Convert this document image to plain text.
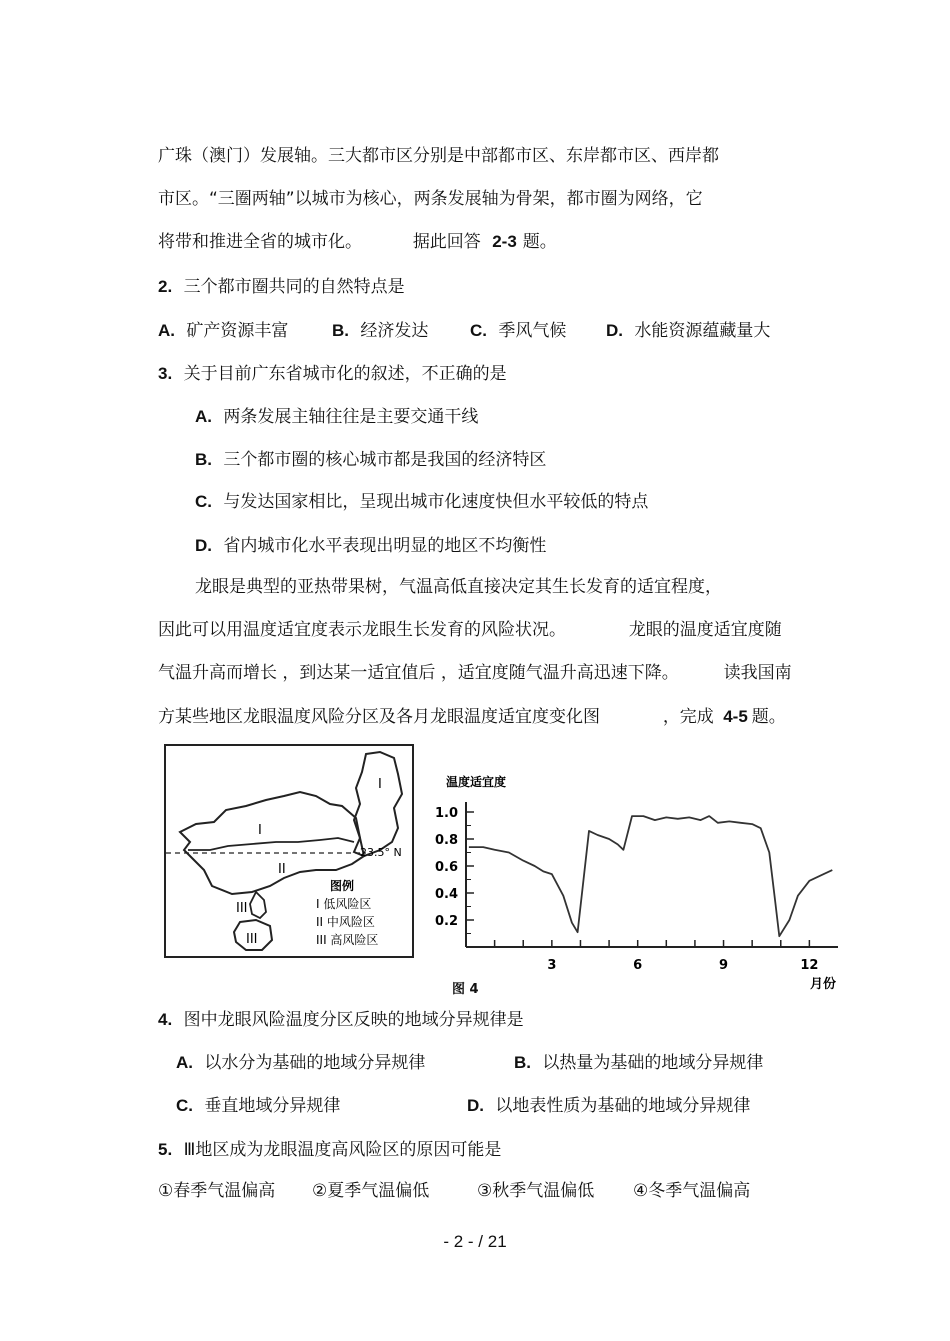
广珠（澳门）发展轴。三大都市区分别是中部都市区、东岸都市区、西岸都
市区。“三圈两轴”以城市为核心，两条发展轴为骨架，都市圈为网络，它
将带和推进全省的城市化。	据此回答 2-3 题。
2. 三个都市圈共同的自然特点是
A. 矿产资源丰富	B. 经济发达 C. 季风气候 D. 水能资源蕴藏量大
3. 关于目前广东省城市化的叙述，不正确的是
A. 两条发展主轴往往是主要交通干线
B. 三个都市圈的核心城市都是我国的经济特区
C. 与发达国家相比，呈现出城市化速度快但水平较低的特点
D. 省内城市化水平表现出明显的地区不均衡性
龙眼是典型的亚热带果树，气温高低直接决定其生长发育的适宜程度，
因此可以用温度适宜度表示龙眼生长发育的风险状况。	龙眼的温度适宜度随
气温升高而增长 ，到达某一适宜值后 ，适宜度随气温升高迅速下降。	读我国南
方某些地区龙眼温度风险分区及各月龙眼温度适宜度变化图	，完成 4-5 题。
I
I
II
III
III
23.5° N
图例
I 低风险区
II 中风险区
III 高风险区
温度适宜度
0.2
0.4
0.6
0.8
1.0
3	6	9	12
月份
图 4
4. 图中龙眼风险温度分区反映的地域分异规律是
A. 以水分为基础的地域分异规律	B. 以热量为基础的地域分异规律
C. 垂直地域分异规律	D. 以地表性质为基础的地域分异规律
5. Ⅲ地区成为龙眼温度高风险区的原因可能是
①春季气温偏高 ②夏季气温偏低	③秋季气温偏低 ④冬季气温偏高
- 2 - / 21
